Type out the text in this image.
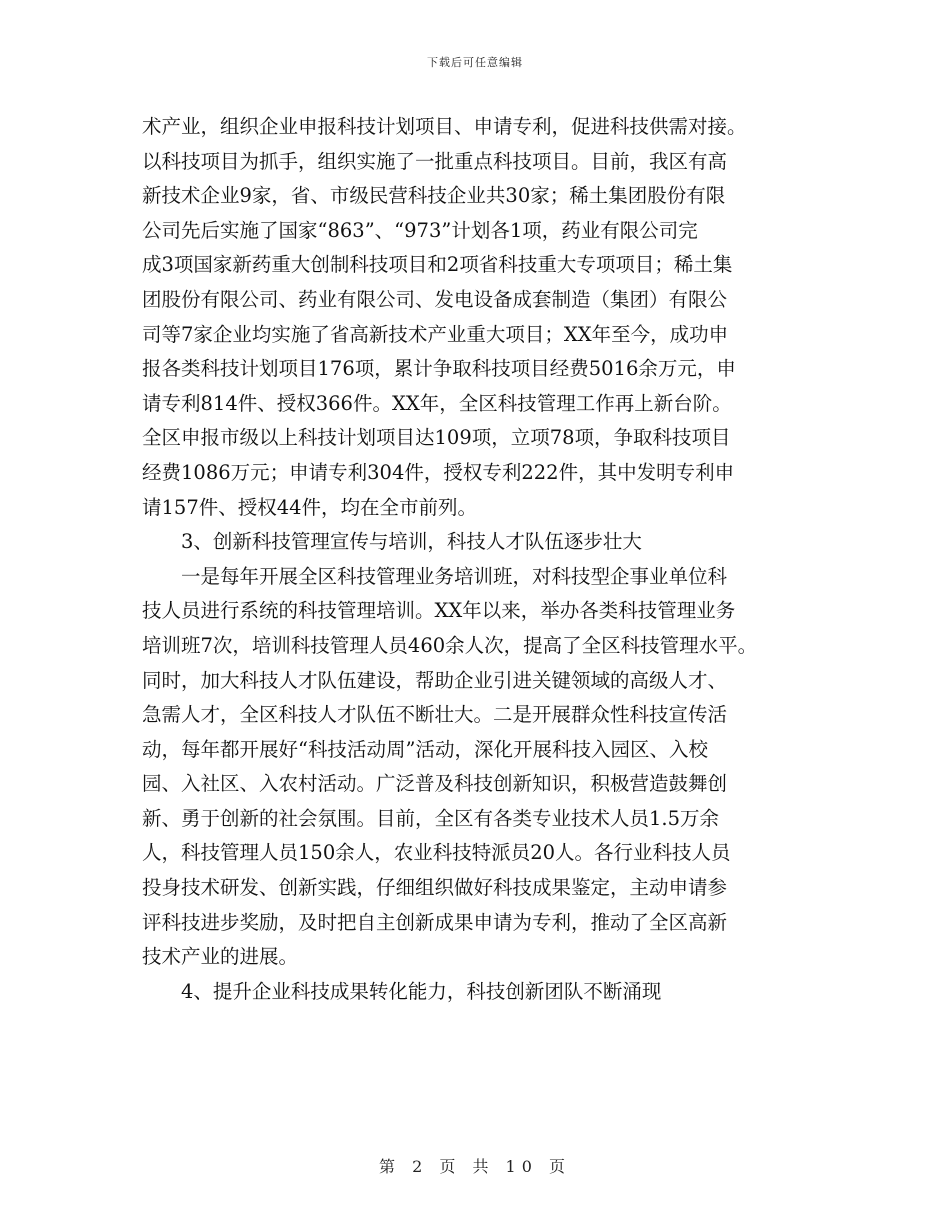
下载后可任意编辑
术产业，组织企业申报科技计划项目、申请专利，促进科技供需对接。
以科技项目为抓手，组织实施了一批重点科技项目。目前，我区有高
新技术企业9家，省、市级民营科技企业共30家；稀土集团股份有限
公司先后实施了国家“863”、“973”计划各1项，药业有限公司完
成3项国家新药重大创制科技项目和2项省科技重大专项项目；稀土集
团股份有限公司、药业有限公司、发电设备成套制造（集团）有限公
司等7家企业均实施了省高新技术产业重大项目；XX年至今，成功申
报各类科技计划项目176项，累计争取科技项目经费5016余万元，申
请专利814件、授权366件。XX年，全区科技管理工作再上新台阶。
全区申报市级以上科技计划项目达109项，立项78项，争取科技项目
经费1086万元；申请专利304件，授权专利222件，其中发明专利申
请157件、授权44件，均在全市前列。
3、创新科技管理宣传与培训，科技人才队伍逐步壮大
一是每年开展全区科技管理业务培训班，对科技型企事业单位科
技人员进行系统的科技管理培训。XX年以来，举办各类科技管理业务
培训班7次，培训科技管理人员460余人次，提高了全区科技管理水平。
同时，加大科技人才队伍建设，帮助企业引进关键领域的高级人才、
急需人才，全区科技人才队伍不断壮大。二是开展群众性科技宣传活
动，每年都开展好“科技活动周”活动，深化开展科技入园区、入校
园、入社区、入农村活动。广泛普及科技创新知识，积极营造鼓舞创
新、勇于创新的社会氛围。目前，全区有各类专业技术人员1.5万余
人，科技管理人员150余人，农业科技特派员20人。各行业科技人员
投身技术研发、创新实践，仔细组织做好科技成果鉴定，主动申请参
评科技进步奖励，及时把自主创新成果申请为专利，推动了全区高新
技术产业的进展。
4、提升企业科技成果转化能力，科技创新团队不断涌现
第 2 页 共 10 页
